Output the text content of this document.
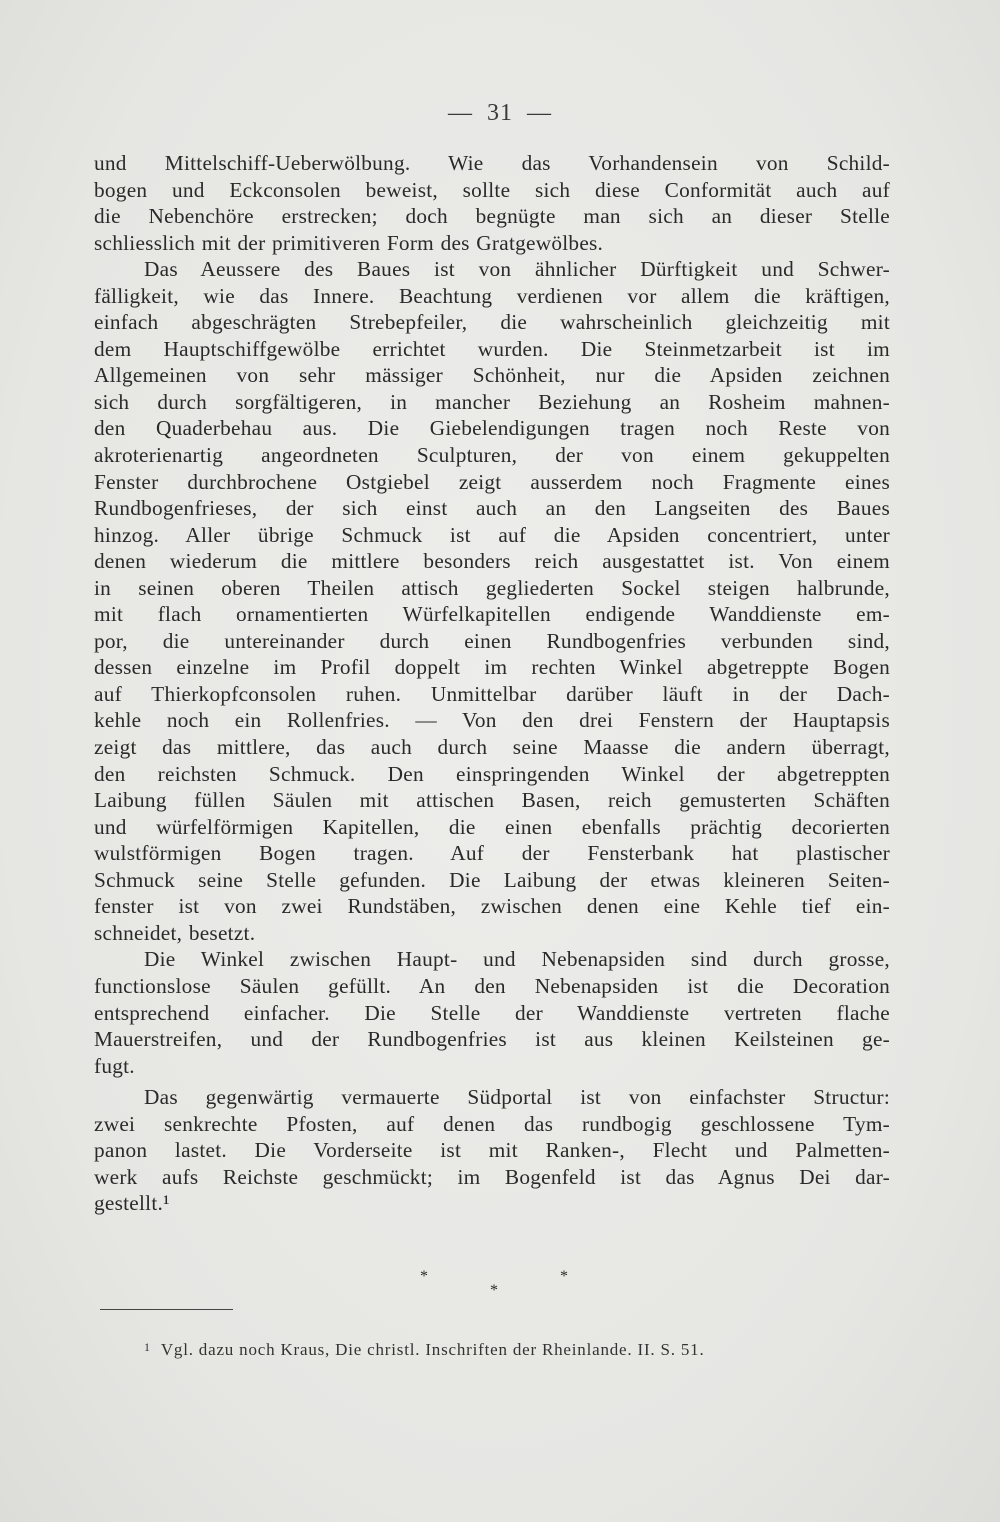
— 31 —
und Mittelschiff-Ueberwölbung. Wie das Vorhandensein von Schild-
bogen und Eckconsolen beweist, sollte sich diese Conformität auch auf
die Nebenchöre erstrecken; doch begnügte man sich an dieser Stelle
schliesslich mit der primitiveren Form des Gratgewölbes.
Das Aeussere des Baues ist von ähnlicher Dürftigkeit und Schwer-
fälligkeit, wie das Innere. Beachtung verdienen vor allem die kräftigen,
einfach abgeschrägten Strebepfeiler, die wahrscheinlich gleichzeitig mit
dem Hauptschiffgewölbe errichtet wurden. Die Steinmetzarbeit ist im
Allgemeinen von sehr mässiger Schönheit, nur die Apsiden zeichnen
sich durch sorgfältigeren, in mancher Beziehung an Rosheim mahnen-
den Quaderbehau aus. Die Giebelendigungen tragen noch Reste von
akroterienartig angeordneten Sculpturen, der von einem gekuppelten
Fenster durchbrochene Ostgiebel zeigt ausserdem noch Fragmente eines
Rundbogenfrieses, der sich einst auch an den Langseiten des Baues
hinzog. Aller übrige Schmuck ist auf die Apsiden concentriert, unter
denen wiederum die mittlere besonders reich ausgestattet ist. Von einem
in seinen oberen Theilen attisch gegliederten Sockel steigen halbrunde,
mit flach ornamentierten Würfelkapitellen endigende Wanddienste em-
por, die untereinander durch einen Rundbogenfries verbunden sind,
dessen einzelne im Profil doppelt im rechten Winkel abgetreppte Bogen
auf Thierkopfconsolen ruhen. Unmittelbar darüber läuft in der Dach-
kehle noch ein Rollenfries. — Von den drei Fenstern der Hauptapsis
zeigt das mittlere, das auch durch seine Maasse die andern überragt,
den reichsten Schmuck. Den einspringenden Winkel der abgetreppten
Laibung füllen Säulen mit attischen Basen, reich gemusterten Schäften
und würfelförmigen Kapitellen, die einen ebenfalls prächtig decorierten
wulstförmigen Bogen tragen. Auf der Fensterbank hat plastischer
Schmuck seine Stelle gefunden. Die Laibung der etwas kleineren Seiten-
fenster ist von zwei Rundstäben, zwischen denen eine Kehle tief ein-
schneidet, besetzt.
Die Winkel zwischen Haupt- und Nebenapsiden sind durch grosse,
functionslose Säulen gefüllt. An den Nebenapsiden ist die Decoration
entsprechend einfacher. Die Stelle der Wanddienste vertreten flache
Mauerstreifen, und der Rundbogenfries ist aus kleinen Keilsteinen ge-
fugt.
Das gegenwärtig vermauerte Südportal ist von einfachster Structur:
zwei senkrechte Pfosten, auf denen das rundbogig geschlossene Tym-
panon lastet. Die Vorderseite ist mit Ranken-, Flecht und Palmetten-
werk aufs Reichste geschmückt; im Bogenfeld ist das Agnus Dei dar-
gestellt.¹
*	*
*
$^1$ Vgl. dazu noch Kraus, Die christl. Inschriften der Rheinlande. II. S. 51.
